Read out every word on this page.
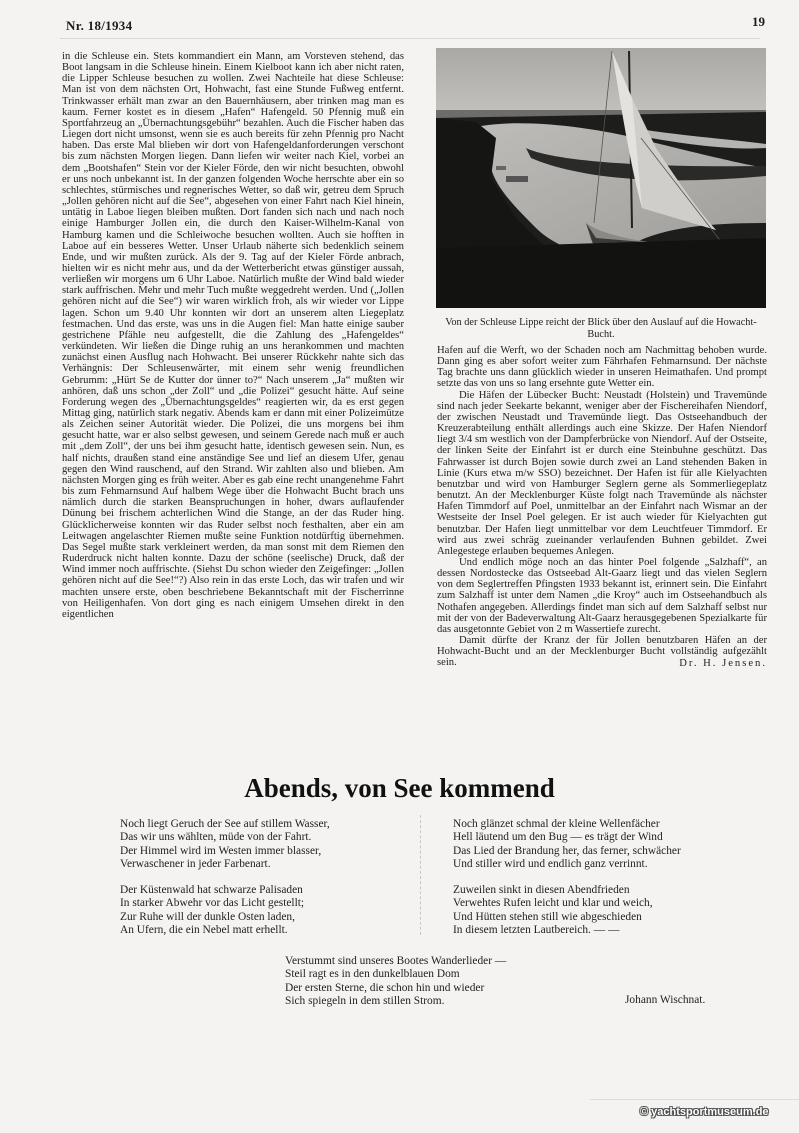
Nr. 18/1934	19

in die Schleuse ein. Stets kommandiert ein Mann, am Vorsteven stehend, das Boot langsam in die Schleuse hinein. Einem Kielboot kann ich aber nicht raten, die Lipper Schleuse besuchen zu wollen. Zwei Nachteile hat diese Schleuse: Man ist von dem nächsten Ort, Hohwacht, fast eine Stunde Fußweg entfernt. Trinkwasser erhält man zwar an den Bauernhäusern, aber trinken mag man es kaum. Ferner kostet es in diesem „Hafen“ Hafengeld. 50 Pfennig muß ein Sportfahrzeug an „Übernachtungsgebühr“ bezahlen. Auch die Fischer haben das Liegen dort nicht umsonst, wenn sie es auch bereits für zehn Pfennig pro Nacht haben. Das erste Mal blieben wir dort von Hafengeldanforderungen verschont bis zum nächsten Morgen liegen. Dann liefen wir weiter nach Kiel, vorbei an dem „Bootshafen“ Stein vor der Kieler Förde, den wir nicht besuchten, obwohl er uns noch unbekannt ist. In der ganzen folgenden Woche herrschte aber ein so schlechtes, stürmisches und regnerisches Wetter, so daß wir, getreu dem Spruch „Jollen gehören nicht auf die See“, abgesehen von einer Fahrt nach Kiel hinein, untätig in Laboe liegen bleiben mußten. Dort fanden sich nach und nach noch einige Hamburger Jollen ein, die durch den Kaiser-Wilhelm-Kanal von Hamburg kamen und die Schleiwoche besuchen wollten. Auch sie hofften in Laboe auf ein besseres Wetter. Unser Urlaub näherte sich bedenklich seinem Ende, und wir mußten zurück. Als der 9. Tag auf der Kieler Förde anbrach, hielten wir es nicht mehr aus, und da der Wetterbericht etwas günstiger aussah, verließen wir morgens um 6 Uhr Laboe. Natürlich mußte der Wind bald wieder stark auffrischen. Mehr und mehr Tuch mußte weggedreht werden. Und („Jollen gehören nicht auf die See“) wir waren wirklich froh, als wir wieder vor Lippe lagen. Schon um 9.40 Uhr konnten wir dort an unserem alten Liegeplatz festmachen. Und das erste, was uns in die Augen fiel: Man hatte einige sauber gestrichene Pfähle neu aufgestellt, die die Zahlung des „Hafengeldes“ verkündeten. Wir ließen die Dinge ruhig an uns herankommen und machten zunächst einen Ausflug nach Hohwacht. Bei unserer Rückkehr nahte sich das Verhängnis: Der Schleusenwärter, mit einem sehr wenig freundlichen Gebrumm: „Hürt Se de Kutter dor ünner to?“ Nach unserem „Ja“ mußten wir anhören, daß uns schon „der Zoll“ und „die Polizei“ gesucht hätte. Auf seine Forderung wegen des „Übernachtungsgeldes“ reagierten wir, da es erst gegen Mittag ging, natürlich stark negativ. Abends kam er dann mit einer Polizeimütze als Zeichen seiner Autorität wieder. Die Polizei, die uns morgens bei ihm gesucht hatte, war er also selbst gewesen, und seinem Gerede nach muß er auch mit „dem Zoll“, der uns bei ihm gesucht hatte, identisch gewesen sein. Nun, es half nichts, draußen stand eine anständige See und lief an diesem Ufer, genau gegen den Wind rauschend, auf den Strand. Wir zahlten also und blieben. Am nächsten Morgen ging es früh weiter. Aber es gab eine recht unangenehme Fahrt bis zum Fehmarnsund Auf halbem Wege über die Hohwacht Bucht brach uns nämlich durch die starken Beanspruchungen in hoher, dwars auflaufender Dünung bei frischem achterlichen Wind die Stange, an der das Ruder hing. Glücklicherweise konnten wir das Ruder selbst noch festhalten, aber ein am Leitwagen angelaschter Riemen mußte seine Funktion notdürftig übernehmen. Das Segel mußte stark verkleinert werden, da man sonst mit dem Riemen den Ruderdruck nicht halten konnte. Dazu der schöne (seelische) Druck, daß der Wind immer noch auffrischte. (Siehst Du schon wieder den Zeigefinger: „Jollen gehören nicht auf die See!“?) Also rein in das erste Loch, das wir trafen und wir machten unsere erste, oben beschriebene Bekanntschaft mit der Fischerrinne von Heiligenhafen. Von dort ging es nach einigem Umsehen direkt in den eigentlichen

Von der Schleuse Lippe reicht der Blick über den Auslauf auf die Howacht-Bucht.

Hafen auf die Werft, wo der Schaden noch am Nachmittag behoben wurde. Dann ging es aber sofort weiter zum Fährhafen Fehmarnsund. Der nächste Tag brachte uns dann glücklich wieder in unseren Heimathafen. Und prompt setzte das von uns so lang ersehnte gute Wetter ein.

Die Häfen der Lübecker Bucht: Neustadt (Holstein) und Travemünde sind nach jeder Seekarte bekannt, weniger aber der Fischereihafen Niendorf, der zwischen Neustadt und Travemünde liegt. Das Ostseehandbuch der Kreuzerabteilung enthält allerdings auch eine Skizze. Der Hafen Niendorf liegt 3/4 sm westlich von der Dampferbrücke von Niendorf. Auf der Ostseite, der linken Seite der Einfahrt ist er durch eine Steinbuhne geschützt. Das Fahrwasser ist durch Bojen sowie durch zwei an Land stehenden Baken in Linie (Kurs etwa m/w SSO) bezeichnet. Der Hafen ist für alle Kielyachten benutzbar und wird von Hamburger Seglern gerne als Sommerliegeplatz benutzt. An der Mecklenburger Küste folgt nach Travemünde als nächster Hafen Timmdorf auf Poel, unmittelbar an der Einfahrt nach Wismar an der Westseite der Insel Poel gelegen. Er ist auch wieder für Kielyachten gut benutzbar. Der Hafen liegt unmittelbar vor dem Leuchtfeuer Timmdorf. Er wird aus zwei schräg zueinander verlaufenden Buhnen gebildet. Zwei Anlegestege erlauben bequemes Anlegen.

Und endlich möge noch an das hinter Poel folgende „Salzhaff“, an dessen Nordostecke das Ostseebad Alt-Gaarz liegt und das vielen Seglern von dem Seglertreffen Pfingsten 1933 bekannt ist, erinnert sein. Die Einfahrt zum Salzhaff ist unter dem Namen „die Kroy“ auch im Ostseehandbuch als Nothafen angegeben. Allerdings findet man sich auf dem Salzhaff selbst nur mit der von der Badeverwaltung Alt-Gaarz herausgegebenen Spezialkarte für das ausgetonnte Gebiet von 2 m Wassertiefe zurecht.

Damit dürfte der Kranz der für Jollen benutzbaren Häfen an der Hohwacht-Bucht und an der Mecklenburger Bucht vollständig aufgezählt sein.	Dr. H. Jensen.

Abends, von See kommend
Noch liegt Geruch der See auf stillem Wasser,
Das wir uns wählten, müde von der Fahrt.
Der Himmel wird im Westen immer blasser,
Verwaschener in jeder Farbenart.
Der Küstenwald hat schwarze Palisaden
In starker Abwehr vor das Licht gestellt;
Zur Ruhe will der dunkle Osten laden,
An Ufern, die ein Nebel matt erhellt.
Noch glänzet schmal der kleine Wellenfächer
Hell läutend um den Bug — es trägt der Wind
Das Lied der Brandung her, das ferner, schwächer
Und stiller wird und endlich ganz verrinnt.
Zuweilen sinkt in diesen Abendfrieden
Verwehtes Rufen leicht und klar und weich,
Und Hütten stehen still wie abgeschieden
In diesem letzten Lautbereich. — —
Verstummt sind unseres Bootes Wanderlieder —
Steil ragt es in den dunkelblauen Dom
Der ersten Sterne, die schon hin und wieder
Sich spiegeln in dem stillen Strom.	Johann Wischnat.
© yachtsportmuseum.de
